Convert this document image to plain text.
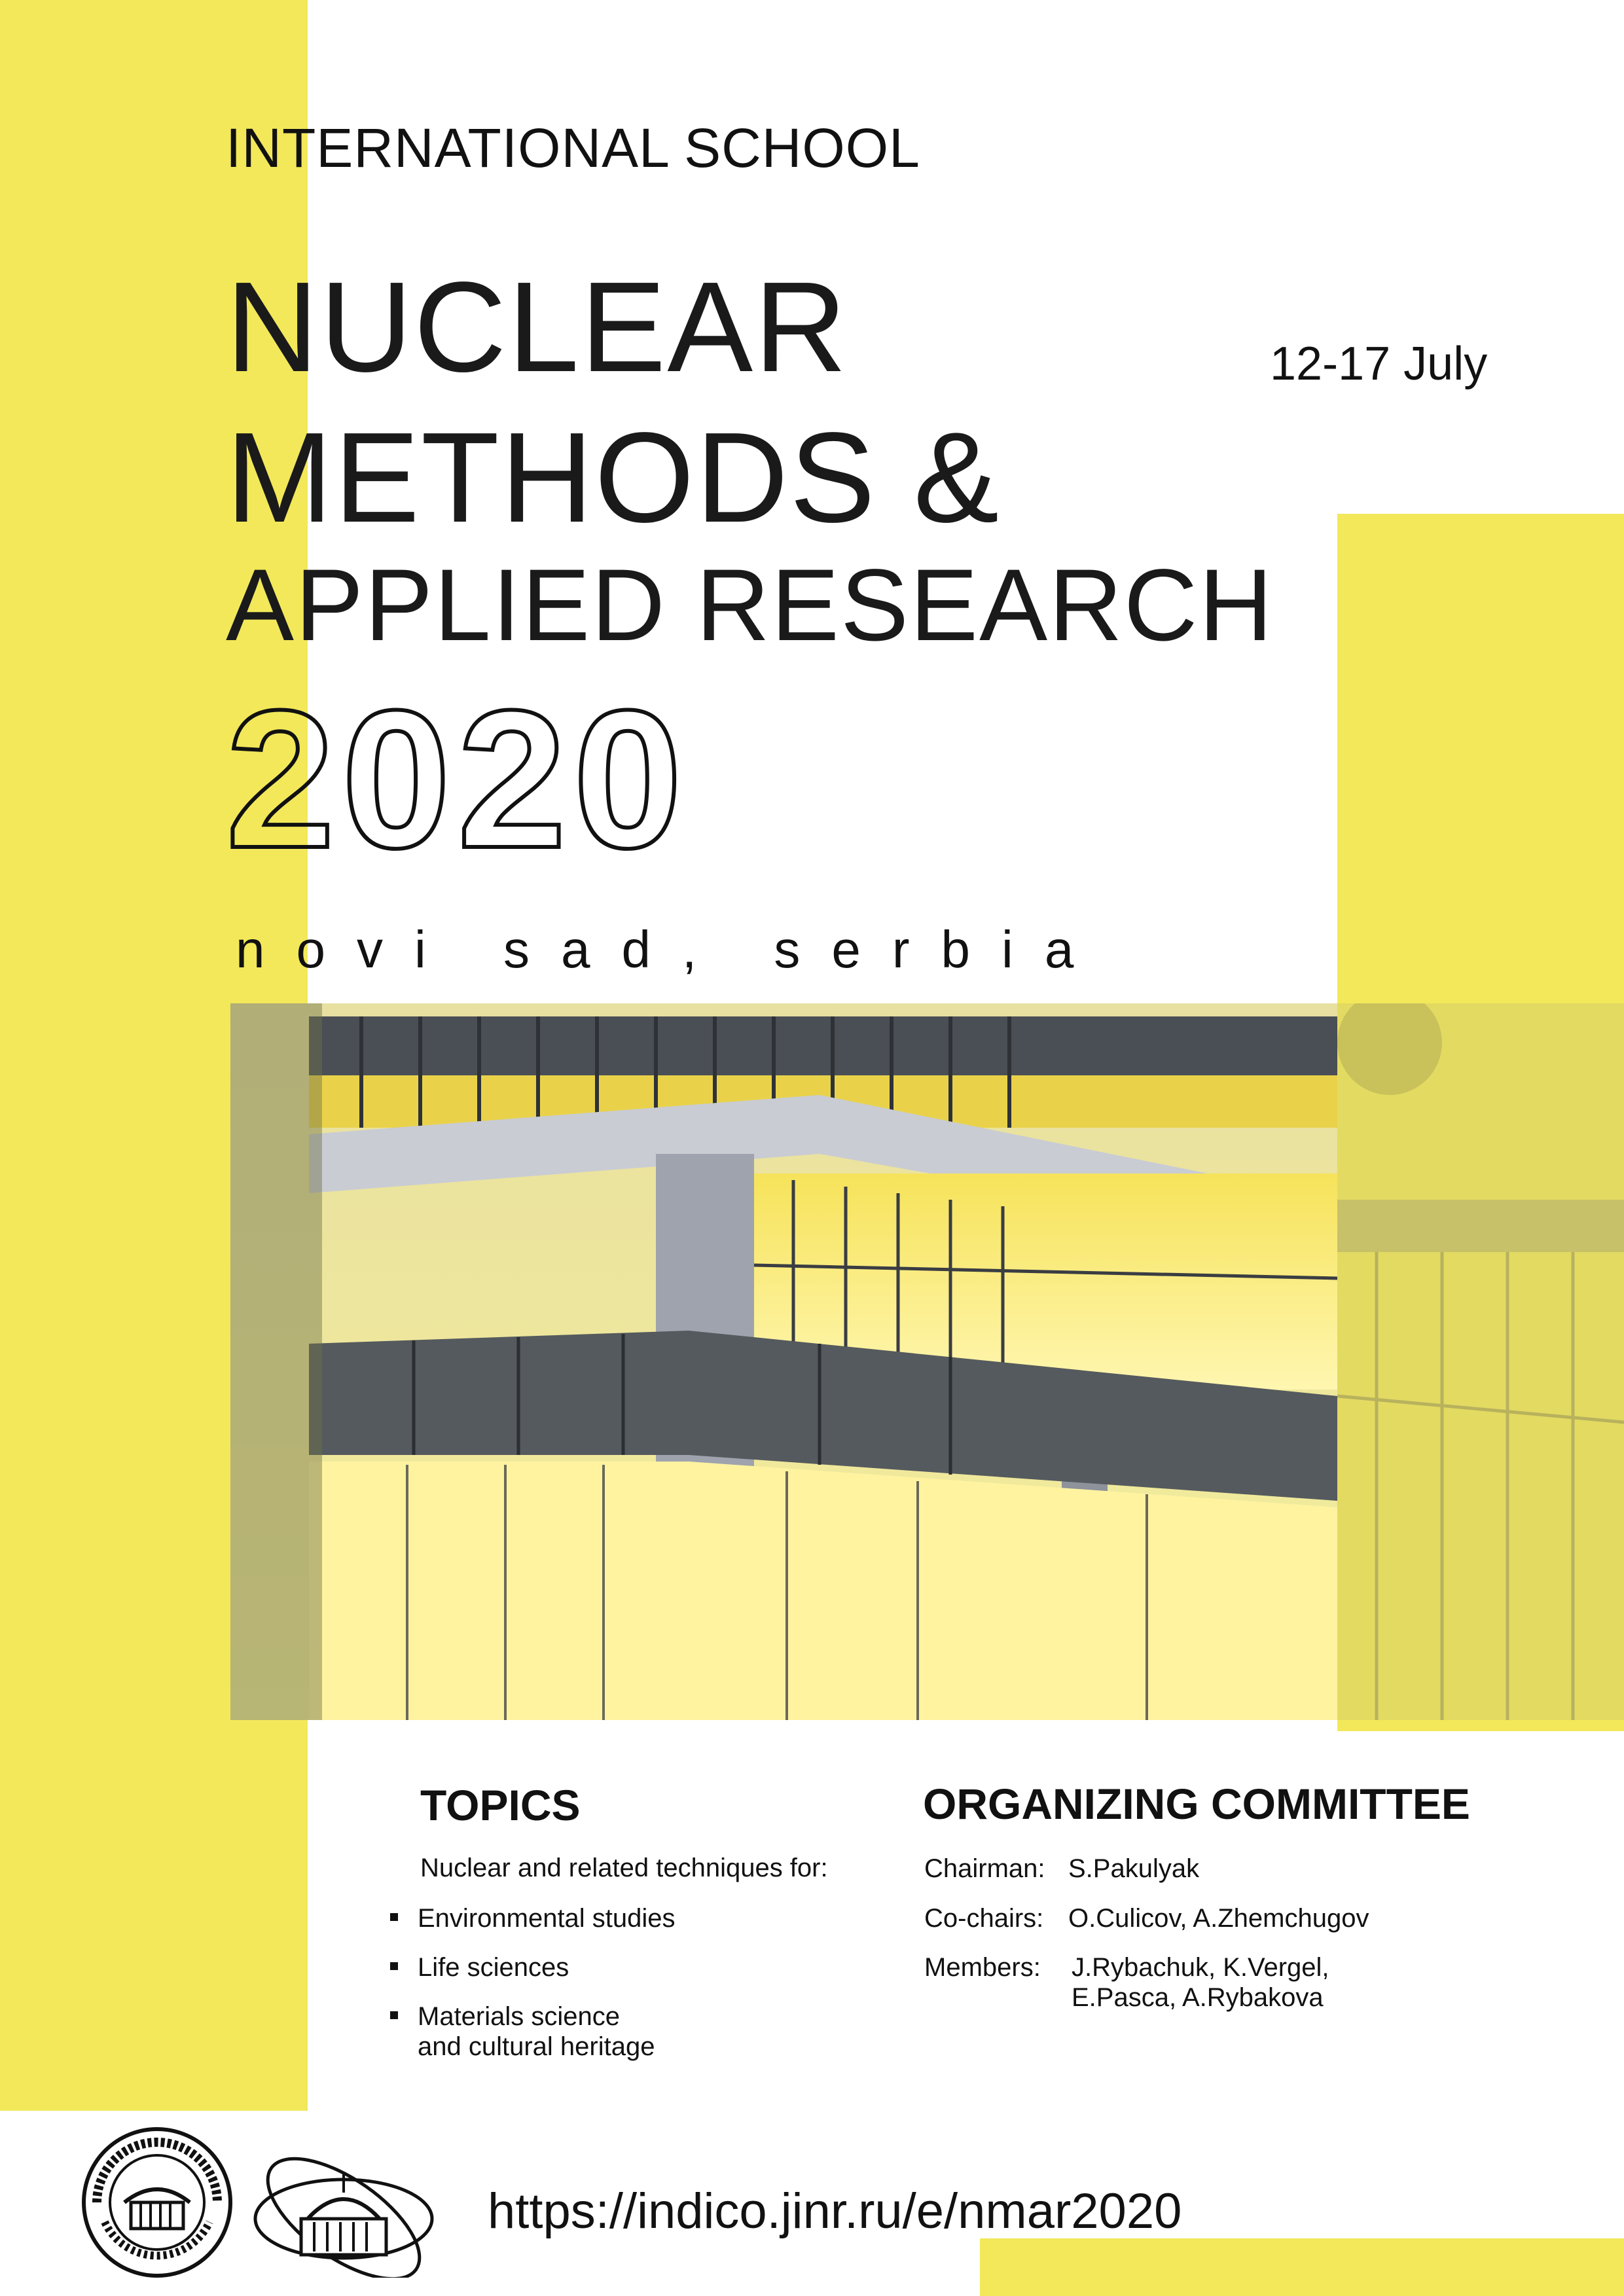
INTERNATIONAL SCHOOL
NUCLEAR
METHODS &
APPLIED RESEARCH
2020
12-17 July
novi sad, serbia
TOPICS
Nuclear and related techniques for:
Environmental studies
Life sciences
Materials science
and cultural heritage
ORGANIZING COMMITTEE
Chairman: S.Pakulyak
Co-chairs: O.Culicov, A.Zhemchugov
Members: J.Rybachuk, K.Vergel,
E.Pasca, A.Rybakova
https://indico.jinr.ru/e/nmar2020
